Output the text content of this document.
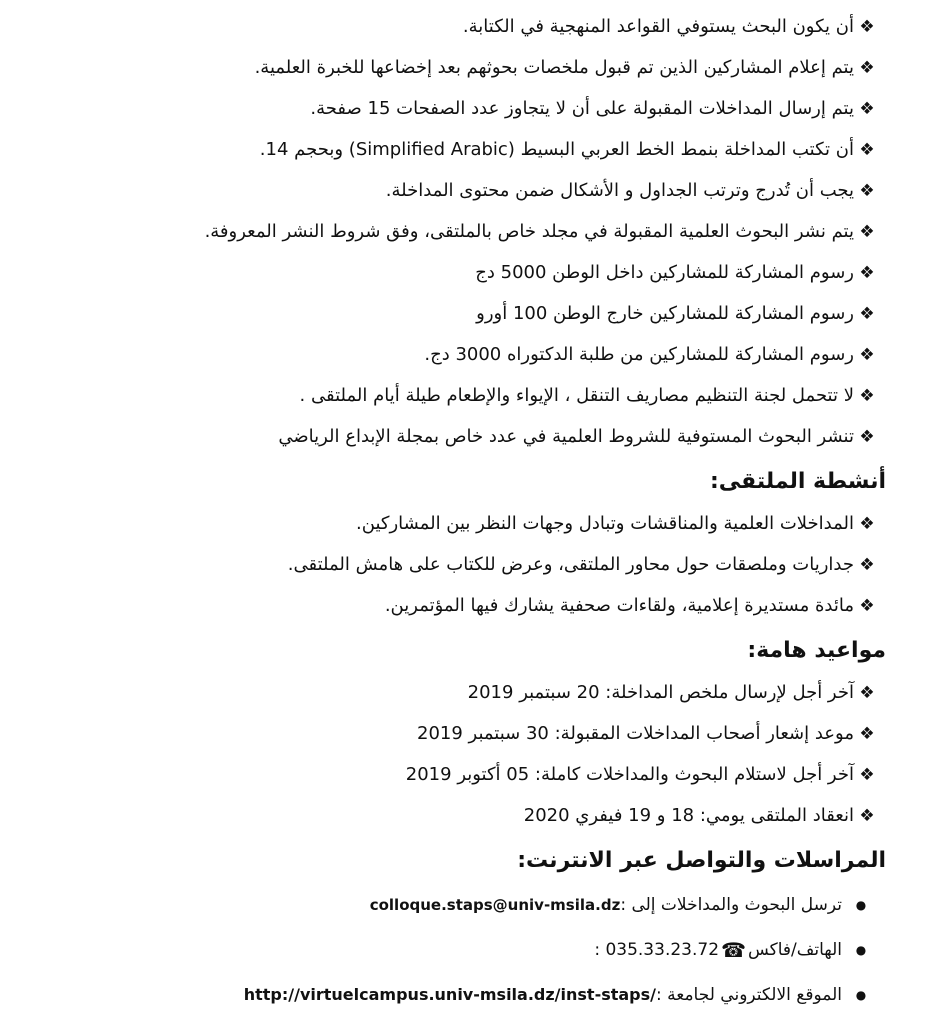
❖
أن يكون البحث يستوفي القواعد المنهجية في الكتابة.
❖
يتم إعلام المشاركين الذين تم قبول ملخصات بحوثهم بعد إخضاعها للخبرة العلمية.
❖
يتم إرسال المداخلات المقبولة على أن لا يتجاوز عدد الصفحات 15 صفحة.
❖
أن تكتب المداخلة بنمط الخط العربي البسيط (Simplified Arabic) وبحجم 14.
❖
يجب أن تُدرج وترتب الجداول و الأشكال ضمن محتوى المداخلة.
❖
يتم نشر البحوث العلمية المقبولة في مجلد خاص بالملتقى، وفق شروط النشر المعروفة.
❖
رسوم المشاركة للمشاركين داخل الوطن 5000 دج
❖
رسوم المشاركة للمشاركين خارج الوطن 100 أورو
❖
رسوم المشاركة للمشاركين من طلبة الدكتوراه 3000 دج.
❖
لا تتحمل لجنة التنظيم مصاريف التنقل ، الإيواء والإطعام طيلة أيام الملتقى .
❖
تنشر البحوث المستوفية للشروط العلمية في عدد خاص بمجلة الإبداع الرياضي
أنشطة الملتقى:
❖
المداخلات العلمية والمناقشات وتبادل وجهات النظر بين المشاركين.
❖
جداريات وملصقات حول محاور الملتقى، وعرض للكتاب على هامش الملتقى.
❖
مائدة مستديرة إعلامية، ولقاءات صحفية يشارك فيها المؤتمرين.
مواعيد هامة:
❖
آخر أجل لإرسال ملخص المداخلة: 20 سبتمبر 2019
❖
موعد إشعار أصحاب المداخلات المقبولة: 30 سبتمبر 2019
❖
آخر أجل لاستلام البحوث والمداخلات كاملة: 05 أكتوبر 2019
❖
انعقاد الملتقى يومي: 18 و 19 فيفري 2020
المراسلات والتواصل عبر الانترنت:
●
ترسل البحوث والمداخلات إلى :
colloque.staps@univ-msila.dz
●
الهاتف/فاكس
☎
: 035.33.23.72
●
الموقع الالكتروني لجامعة :
http://virtuelcampus.univ-msila.dz/inst-staps/
